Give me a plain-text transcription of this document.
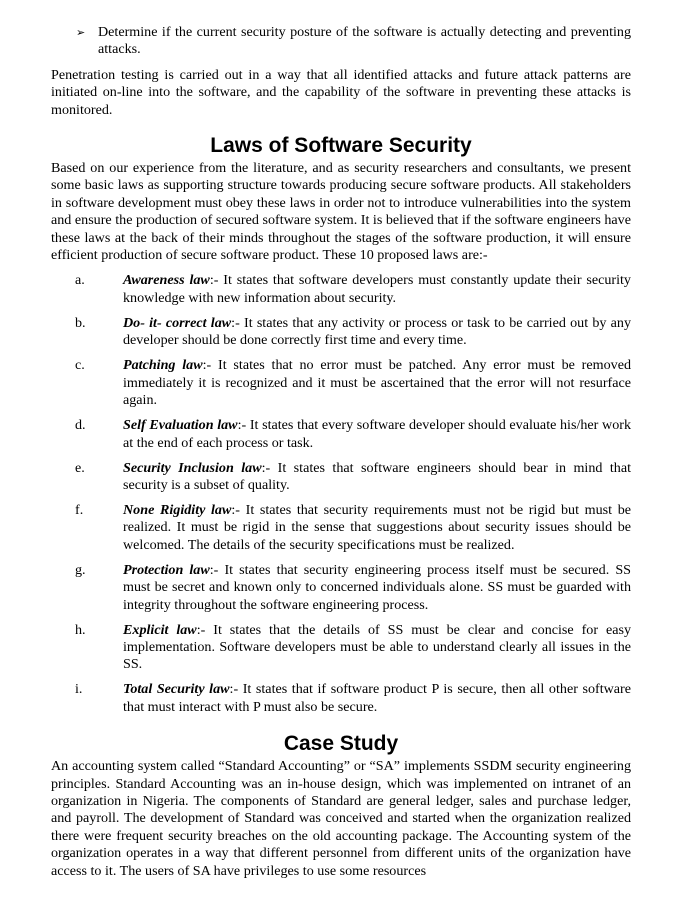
➢ Determine if the current security posture of the software is actually detecting and preventing attacks.

Penetration testing is carried out in a way that all identified attacks and future attack patterns are initiated on-line into the software, and the capability of the software in preventing these attacks is monitored.

Laws of Software Security

Based on our experience from the literature, and as security researchers and consultants, we present some basic laws as supporting structure towards producing secure software products. All stakeholders in software development must obey these laws in order not to introduce vulnerabilities into the system and ensure the production of secured software system. It is believed that if the software engineers have these laws at the back of their minds throughout the stages of the software production, it will ensure efficient production of secure software product. These 10 proposed laws are:-

a.	Awareness law:- It states that software developers must constantly update their security knowledge with new information about security.
b.	Do- it- correct law:- It states that any activity or process or task to be carried out by any developer should be done correctly first time and every time.
c.	Patching law:- It states that no error must be patched. Any error must be removed immediately it is recognized and it must be ascertained that the error will not resurface again.
d.	Self Evaluation law:- It states that every software developer should evaluate his/her work at the end of each process or task.
e.	Security Inclusion law:- It states that software engineers should bear in mind that security is a subset of quality.
f.	None Rigidity law:- It states that security requirements must not be rigid but must be realized. It must be rigid in the sense that suggestions about security issues should be welcomed. The details of the security specifications must be realized.
g.	Protection law:- It states that security engineering process itself must be secured. SS must be secret and known only to concerned individuals alone. SS must be guarded with integrity throughout the software engineering process.
h.	Explicit law:- It states that the details of SS must be clear and concise for easy implementation. Software developers must be able to understand clearly all issues in the SS.
i.	Total Security law:- It states that if software product P is secure, then all other software that must interact with P must also be secure.
Case Study

An accounting system called “Standard Accounting” or “SA” implements SSDM security engineering principles. Standard Accounting was an in-house design, which was implemented on intranet of an organization in Nigeria. The components of Standard are general ledger, sales and purchase ledger, and payroll. The development of Standard was conceived and started when the organization realized there were frequent security breaches on the old accounting package. The Accounting system of the organization operates in a way that different personnel from different units of the organization have access to it. The users of SA have privileges to use some resources
